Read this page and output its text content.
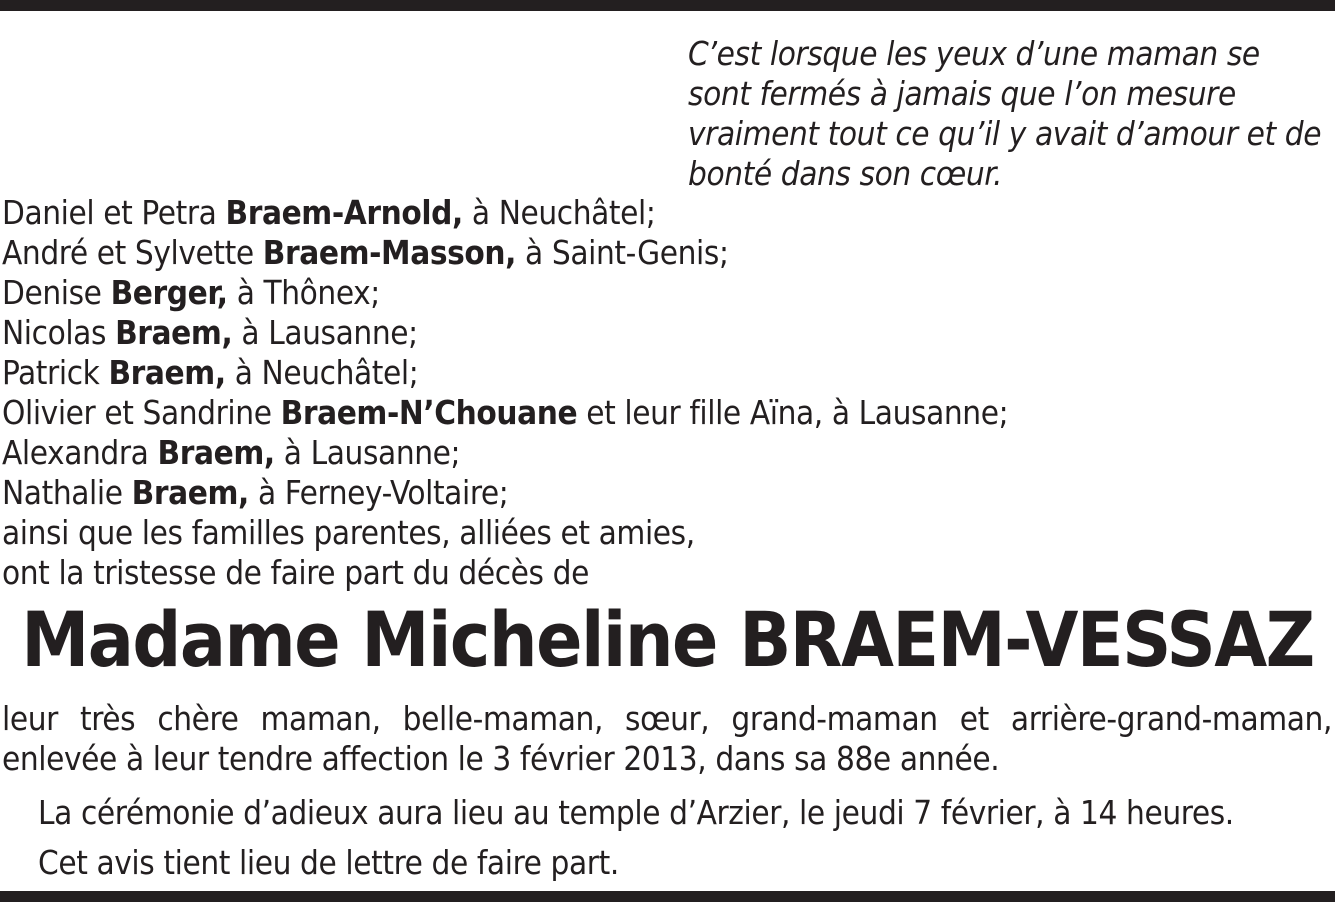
C’est lorsque les yeux d’une maman se
sont fermés à jamais que l’on mesure
vraiment tout ce qu’il y avait d’amour et de
bonté dans son cœur.
Daniel et Petra Braem-Arnold, à Neuchâtel;
André et Sylvette Braem-Masson, à Saint-Genis;
Denise Berger, à Thônex;
Nicolas Braem, à Lausanne;
Patrick Braem, à Neuchâtel;
Olivier et Sandrine Braem-N’Chouane et leur fille Aïna, à Lausanne;
Alexandra Braem, à Lausanne;
Nathalie Braem, à Ferney-Voltaire;
ainsi que les familles parentes, alliées et amies,
ont la tristesse de faire part du décès de
Madame Micheline BRAEM-VESSAZ
leur très chère maman, belle-maman, sœur, grand-maman et arrière-grand-maman,
enlevée à leur tendre affection le 3 février 2013, dans sa 88e année.
La cérémonie d’adieux aura lieu au temple d’Arzier, le jeudi 7 février, à 14 heures.
Cet avis tient lieu de lettre de faire part.
